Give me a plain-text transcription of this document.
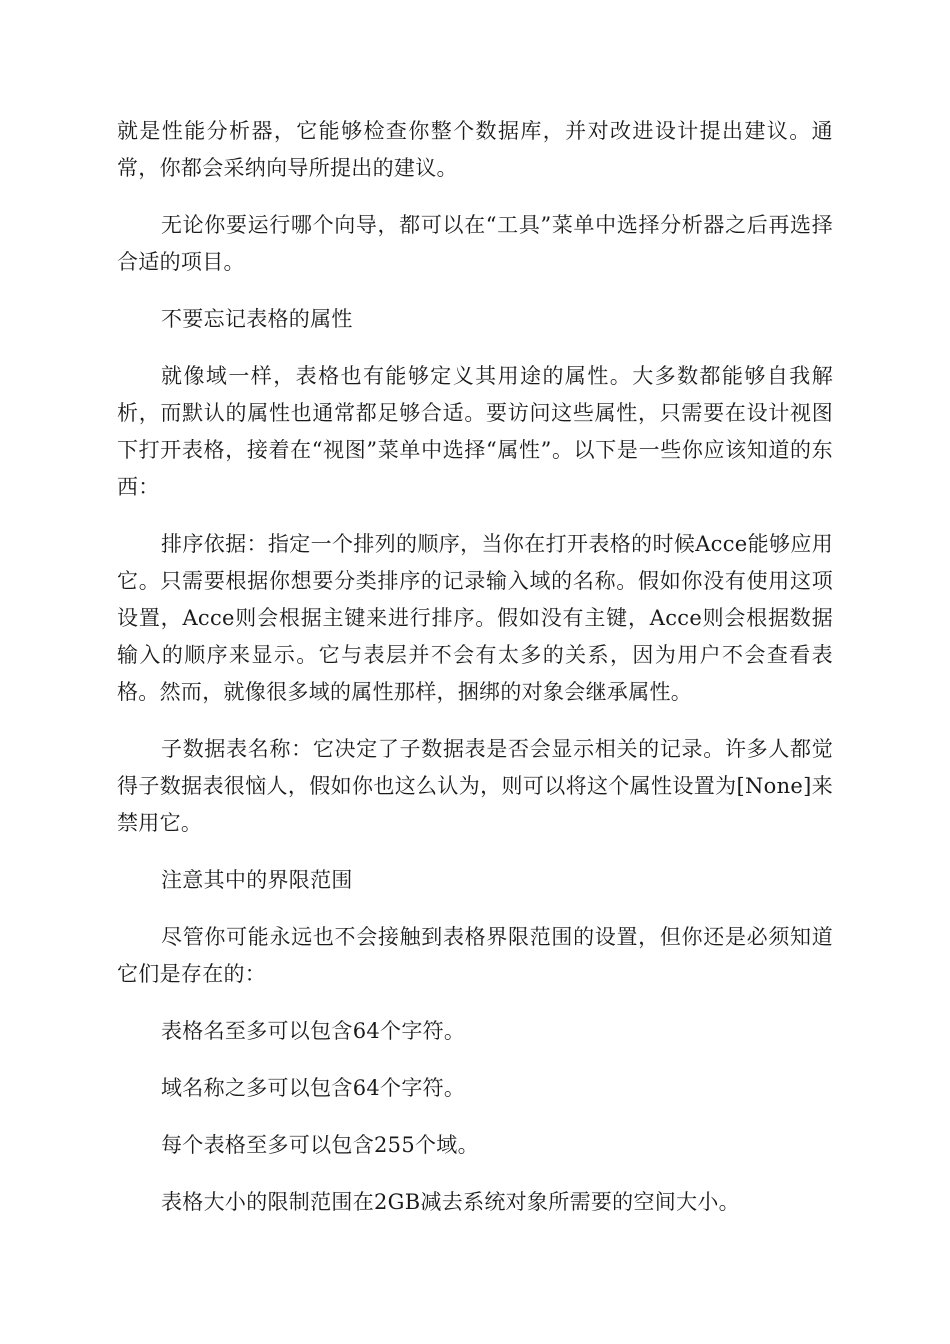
就是性能分析器，它能够检查你整个数据库，并对改进设计提出建议。通常，你都会采纳向导所提出的建议。

无论你要运行哪个向导，都可以在“工具”菜单中选择分析器之后再选择合适的项目。

不要忘记表格的属性

就像域一样，表格也有能够定义其用途的属性。大多数都能够自我解析，而默认的属性也通常都足够合适。要访问这些属性，只需要在设计视图下打开表格，接着在“视图”菜单中选择“属性”。以下是一些你应该知道的东西：

排序依据：指定一个排列的顺序，当你在打开表格的时候Acce能够应用它。只需要根据你想要分类排序的记录输入域的名称。假如你没有使用这项设置，Acce则会根据主键来进行排序。假如没有主键，Acce则会根据数据输入的顺序来显示。它与表层并不会有太多的关系，因为用户不会查看表格。然而，就像很多域的属性那样，捆绑的对象会继承属性。

子数据表名称：它决定了子数据表是否会显示相关的记录。许多人都觉得子数据表很恼人，假如你也这么认为，则可以将这个属性设置为[None]来禁用它。

注意其中的界限范围

尽管你可能永远也不会接触到表格界限范围的设置，但你还是必须知道它们是存在的：

表格名至多可以包含64个字符。

域名称之多可以包含64个字符。

每个表格至多可以包含255个域。

表格大小的限制范围在2GB减去系统对象所需要的空间大小。
